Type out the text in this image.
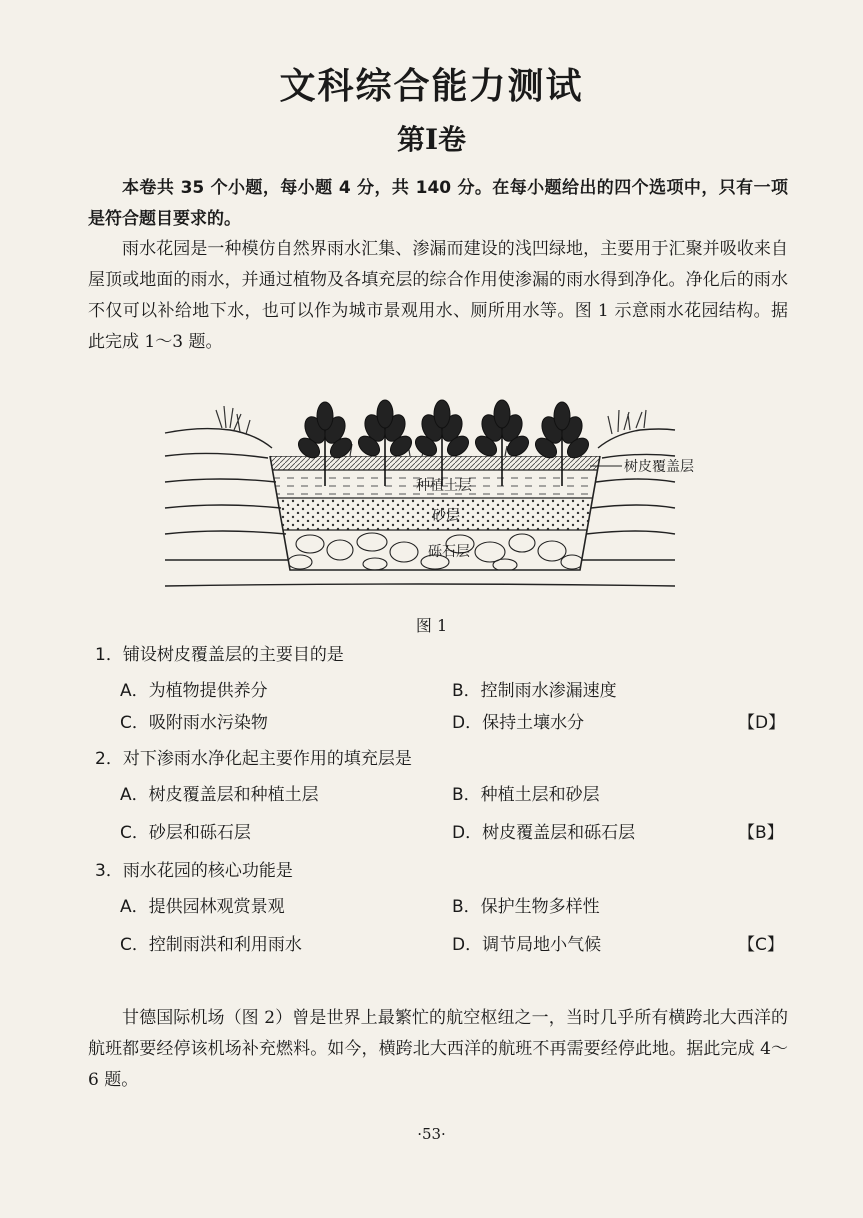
文科综合能力测试
第Ⅰ卷
本卷共 35 个小题，每小题 4 分，共 140 分。在每小题给出的四个选项中，只有一项是符合题目要求的。
雨水花园是一种模仿自然界雨水汇集、渗漏而建设的浅凹绿地，主要用于汇聚并吸收来自屋顶或地面的雨水，并通过植物及各填充层的综合作用使渗漏的雨水得到净化。净化后的雨水不仅可以补给地下水，也可以作为城市景观用水、厕所用水等。图 1 示意雨水花园结构。据此完成 1～3 题。
树皮覆盖层
种植土层
砂层
砾石层
图 1
1．铺设树皮覆盖层的主要目的是
A．为植物提供养分	B．控制雨水渗漏速度
C．吸附雨水污染物	D．保持土壤水分	【D】
2．对下渗雨水净化起主要作用的填充层是
A．树皮覆盖层和种植土层	B．种植土层和砂层
C．砂层和砾石层	D．树皮覆盖层和砾石层	【B】
3．雨水花园的核心功能是
A．提供园林观赏景观	B．保护生物多样性
C．控制雨洪和利用雨水	D．调节局地小气候	【C】
甘德国际机场（图 2）曾是世界上最繁忙的航空枢纽之一，当时几乎所有横跨北大西洋的航班都要经停该机场补充燃料。如今，横跨北大西洋的航班不再需要经停此地。据此完成 4～6 题。
·53·
